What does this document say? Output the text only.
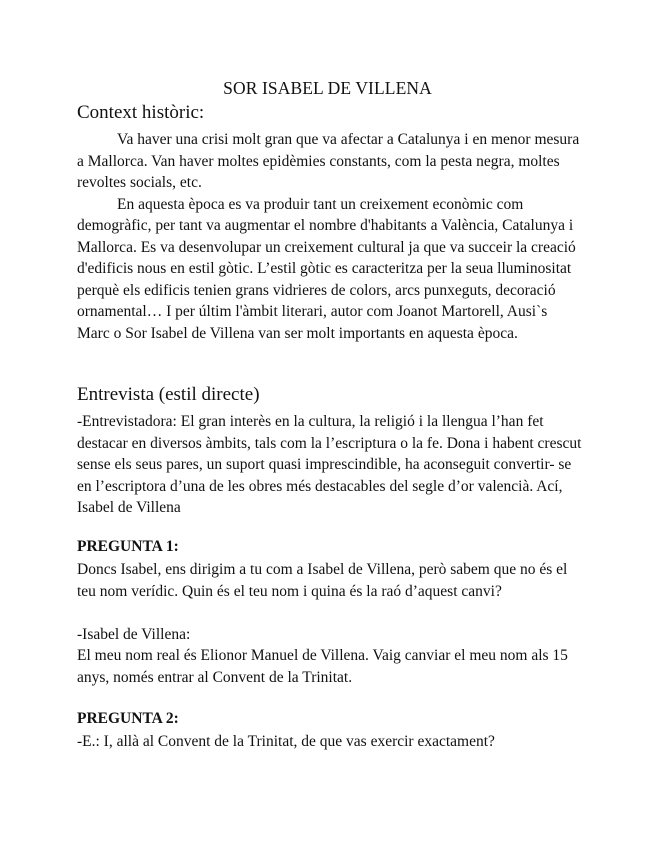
SOR ISABEL DE VILLENA
Context històric:

Va haver una crisi molt gran que va afectar a Catalunya i en menor mesura a Mallorca. Van haver moltes epidèmies constants, com la pesta negra, moltes revoltes socials, etc.

En aquesta època es va produir tant un creixement econòmic com demogràfic, per tant va augmentar el nombre d'habitants a València, Catalunya i Mallorca. Es va desenvolupar un creixement cultural ja que va succeir la creació d'edificis nous en estil gòtic. L’estil gòtic es caracteritza per la seua lluminositat perquè els edificis tenien grans vidrieres de colors, arcs punxeguts, decoració ornamental… I per últim l'àmbit literari, autor com Joanot Martorell, Ausi`s Marc o Sor Isabel de Villena van ser molt importants en aquesta època.

Entrevista (estil directe)
-Entrevistadora: El gran interès en la cultura, la religió i la llengua l’han fet destacar en diversos àmbits, tals com la l’escriptura o la fe. Dona i habent crescut sense els seus pares, un suport quasi imprescindible, ha aconseguit convertir- se en l’escriptora d’una de les obres més destacables del segle d’or valencià. Ací, Isabel de Villena
PREGUNTA 1:
Doncs Isabel, ens dirigim a tu com a Isabel de Villena, però sabem que no és el teu nom verídic. Quin és el teu nom i quina és la raó d’aquest canvi?
-Isabel de Villena:
El meu nom real és Elionor Manuel de Villena. Vaig canviar el meu nom als 15 anys, només entrar al Convent de la Trinitat.
PREGUNTA 2:
-E.: I, allà al Convent de la Trinitat, de que vas exercir exactament?
